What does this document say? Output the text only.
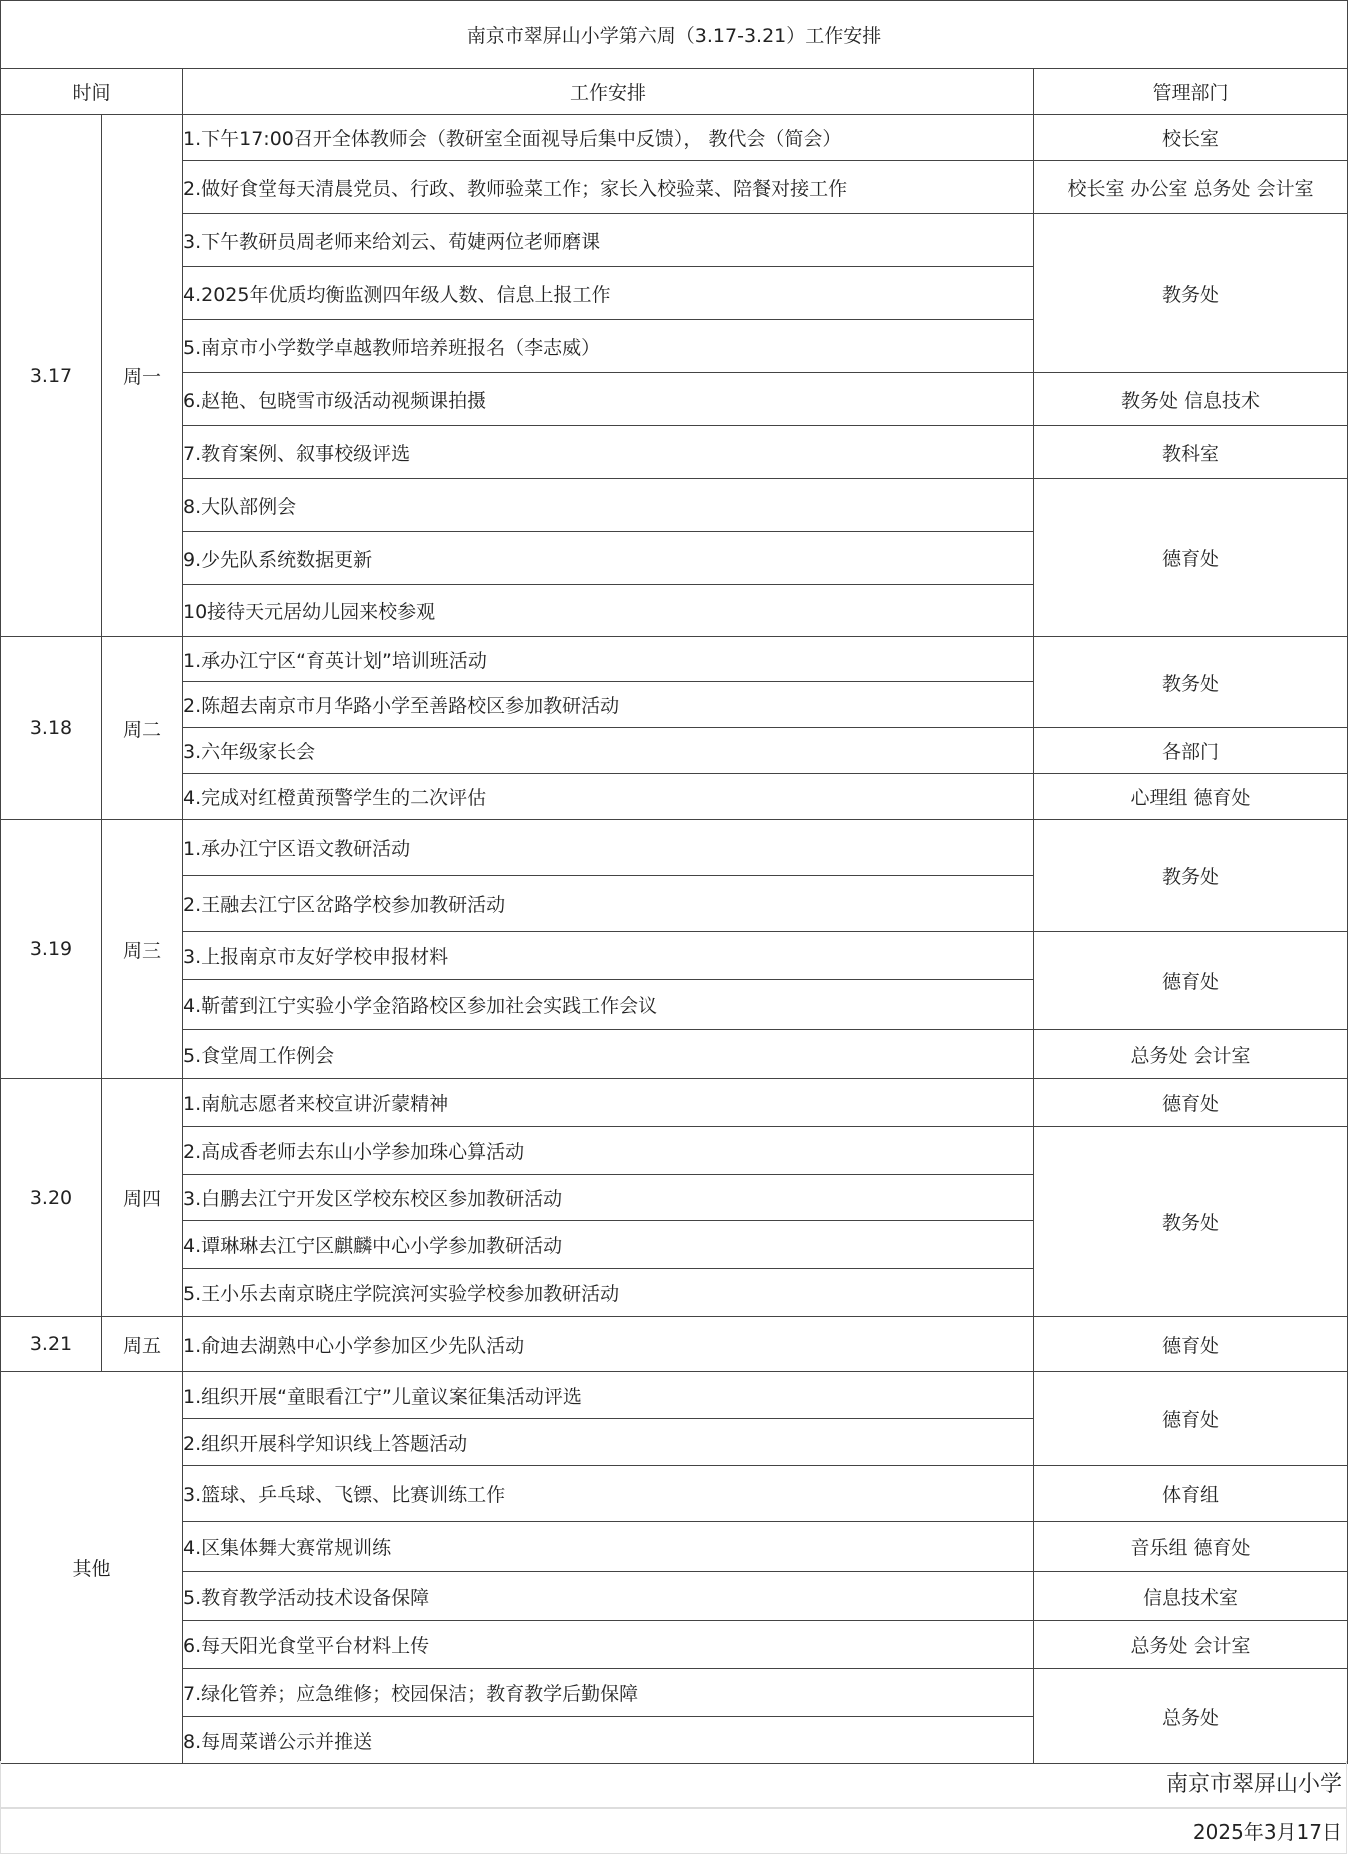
南京市翠屏山小学第六周（3.17-3.21）工作安排			
时间		工作安排	管理部门
3.17	周一	1.下午17:00召开全体教师会（教研室全面视导后集中反馈）， 教代会（简会）	校长室
		2.做好食堂每天清晨党员、行政、教师验菜工作；家长入校验菜、陪餐对接工作	校长室 办公室 总务处 会计室
		3.下午教研员周老师来给刘云、荀婕两位老师磨课	教务处
		4.2025年优质均衡监测四年级人数、信息上报工作	
		5.南京市小学数学卓越教师培养班报名（李志威）	
		6.赵艳、包晓雪市级活动视频课拍摄	教务处 信息技术
		7.教育案例、叙事校级评选	教科室
		8.大队部例会	德育处
		9.少先队系统数据更新	
		10接待天元居幼儿园来校参观	
3.18	周二	1.承办江宁区“育英计划”培训班活动	教务处
		2.陈超去南京市月华路小学至善路校区参加教研活动	
		3.六年级家长会	各部门
		4.完成对红橙黄预警学生的二次评估	心理组 德育处
3.19	周三	1.承办江宁区语文教研活动	教务处
		2.王融去江宁区岔路学校参加教研活动	
		3.上报南京市友好学校申报材料	德育处
		4.靳蕾到江宁实验小学金箔路校区参加社会实践工作会议	
		5.食堂周工作例会	总务处 会计室
3.20	周四	1.南航志愿者来校宣讲沂蒙精神	德育处
		2.高成香老师去东山小学参加珠心算活动	教务处
		3.白鹏去江宁开发区学校东校区参加教研活动	
		4.谭琳琳去江宁区麒麟中心小学参加教研活动	
		5.王小乐去南京晓庄学院滨河实验学校参加教研活动	
3.21	周五	1.俞迪去湖熟中心小学参加区少先队活动	德育处
其他		1.组织开展“童眼看江宁”儿童议案征集活动评选	德育处
		2.组织开展科学知识线上答题活动	
		3.篮球、乒乓球、飞镖、比赛训练工作	体育组
		4.区集体舞大赛常规训练	音乐组 德育处
		5.教育教学活动技术设备保障	信息技术室
		6.每天阳光食堂平台材料上传	总务处 会计室
		7.绿化管养；应急维修；校园保洁；教育教学后勤保障	总务处
		8.每周菜谱公示并推送	
南京市翠屏山小学
2025年3月17日
